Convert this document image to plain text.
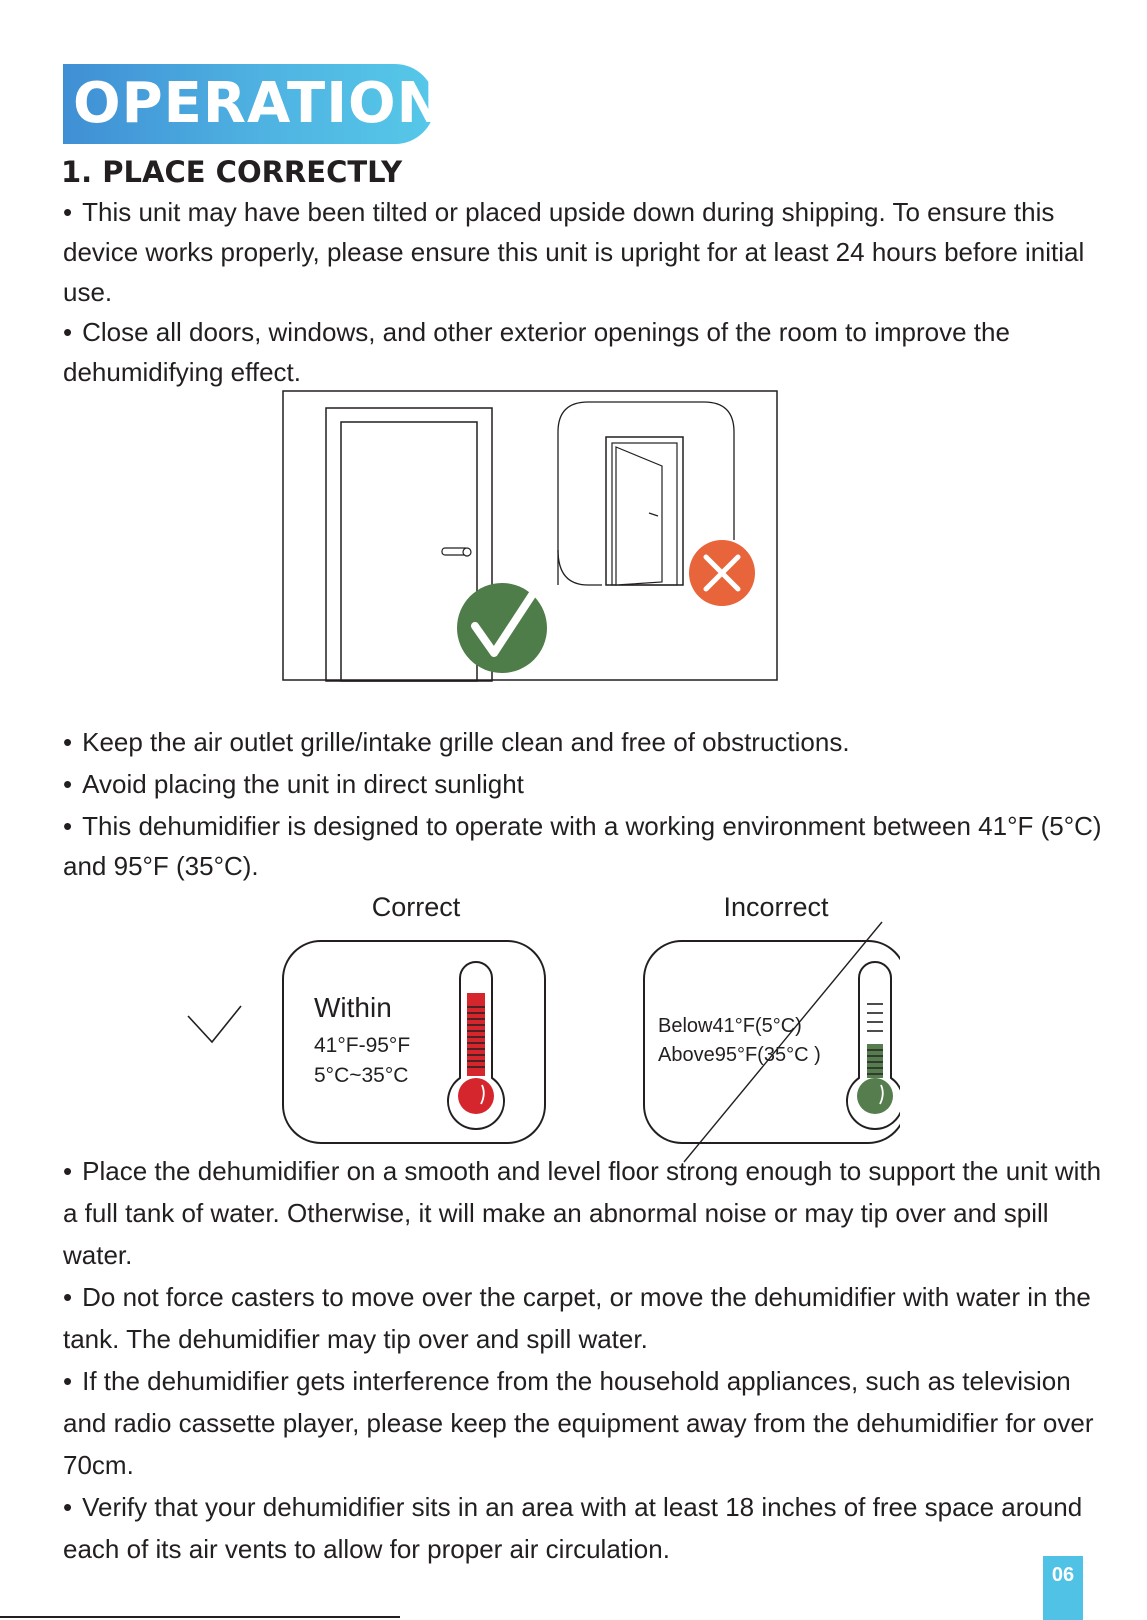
OPERATION
1. PLACE CORRECTLY
• This unit may have been tilted or placed upside down during shipping. To ensure this device works properly, please ensure this unit is upright for at least 24 hours before initial use.
• Close all doors, windows, and other exterior openings of the room to improve the dehumidifying effect.
• Keep the air outlet grille/intake grille clean and free of obstructions.
• Avoid placing the unit in direct sunlight
• This dehumidifier is designed to operate with a working environment between 41°F (5°C) and 95°F (35°C).
Correct	Incorrect
Within
41°F-95°F
5°C~35°C
Below41°F(5°C)
Above95°F(35°C )
• Place the dehumidifier on a smooth and level floor strong enough to support the unit with a full tank of water. Otherwise, it will make an abnormal noise or may tip over and spill water.
• Do not force casters to move over the carpet, or move the dehumidifier with water in the tank. The dehumidifier may tip over and spill water.
• If the dehumidifier gets interference from the household appliances, such as television and radio cassette player, please keep the equipment away from the dehumidifier for over 70cm.
• Verify that your dehumidifier sits in an area with at least 18 inches of free space around each of its air vents to allow for proper air circulation.
06
